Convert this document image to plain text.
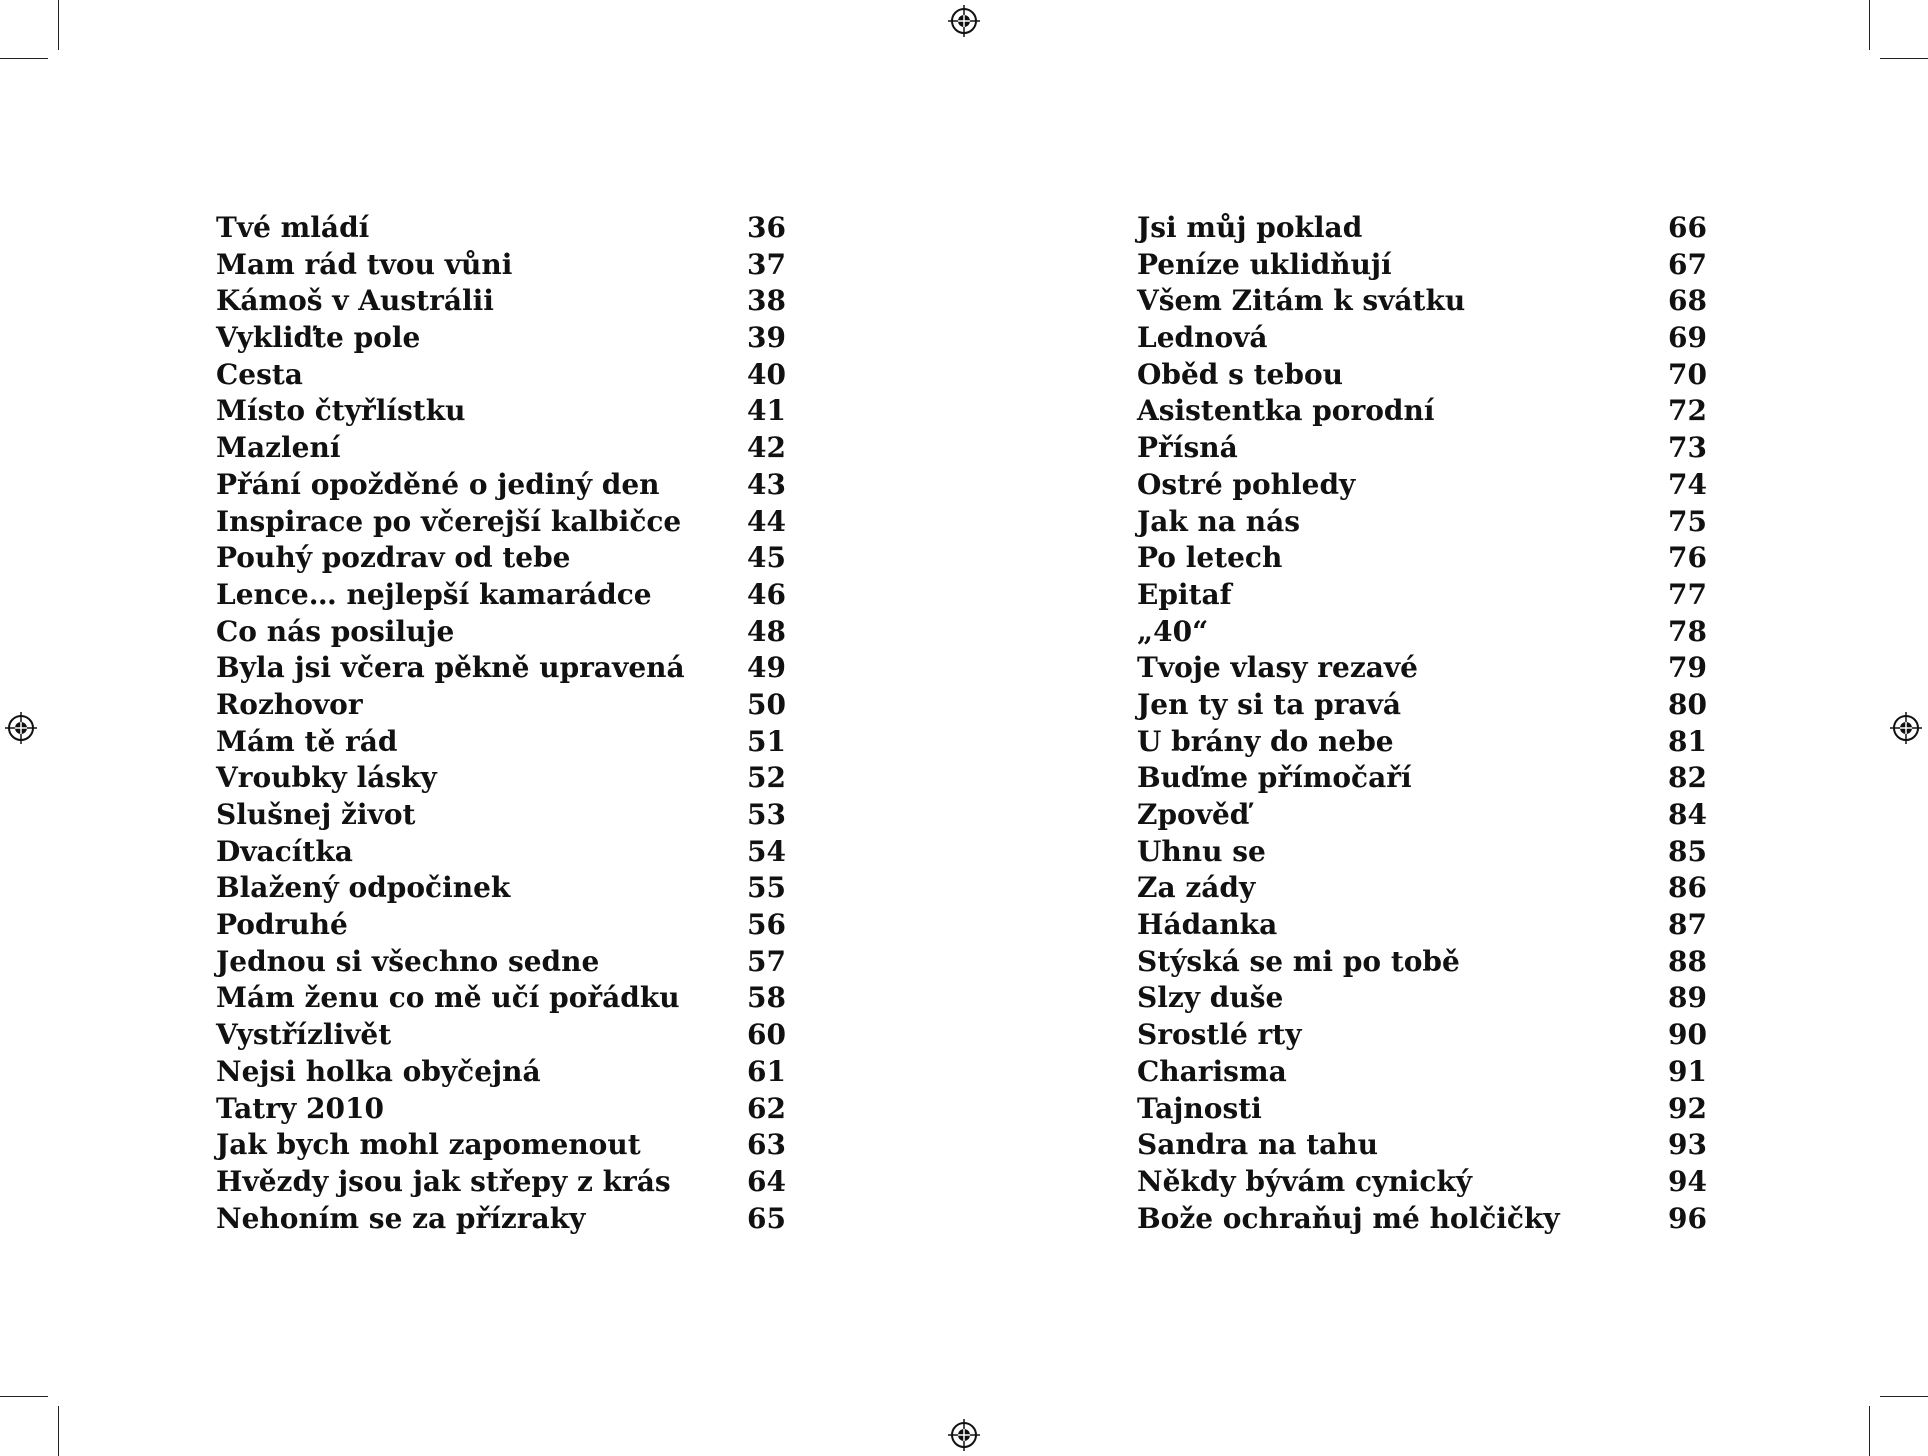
Tvé mládí	36
Mam rád tvou vůni	37
Kámoš v Austrálii	38
Vykliďte pole	39
Cesta	40
Místo čtyřlístku	41
Mazlení	42
Přání opožděné o jediný den	43
Inspirace po včerejší kalbičce 44
Pouhý pozdrav od tebe	45
Lence… nejlepší kamarádce	46
Co nás posiluje	48
Byla jsi včera pěkně upravená 49
Rozhovor	50
Mám tě rád	51
Vroubky lásky	52
Slušnej život	53
Dvacítka	54
Blažený odpočinek	55
Podruhé	56
Jednou si všechno sedne	57
Mám ženu co mě učí pořádku 58
Vystřízlivět	60
Nejsi holka obyčejná	61
Tatry 2010	62
Jak bych mohl zapomenout	63
Hvězdy jsou jak střepy z krás	64
Nehoním se za přízraky	65
Jsi můj poklad	66
Peníze uklidňují	67
Všem Zitám k svátku	68
Lednová	69
Oběd s tebou	70
Asistentka porodní	72
Přísná	73
Ostré pohledy	74
Jak na nás	75
Po letech	76
Epitaf	77
„40“	78
Tvoje vlasy rezavé	79
Jen ty si ta pravá	80
U brány do nebe	81
Buďme přímočaří	82
Zpověď	84
Uhnu se	85
Za zády	86
Hádanka	87
Stýská se mi po tobě	88
Slzy duše	89
Srostlé rty	90
Charisma	91
Tajnosti	92
Sandra na tahu	93
Někdy bývám cynický	94
Bože ochraňuj mé holčičky	96
